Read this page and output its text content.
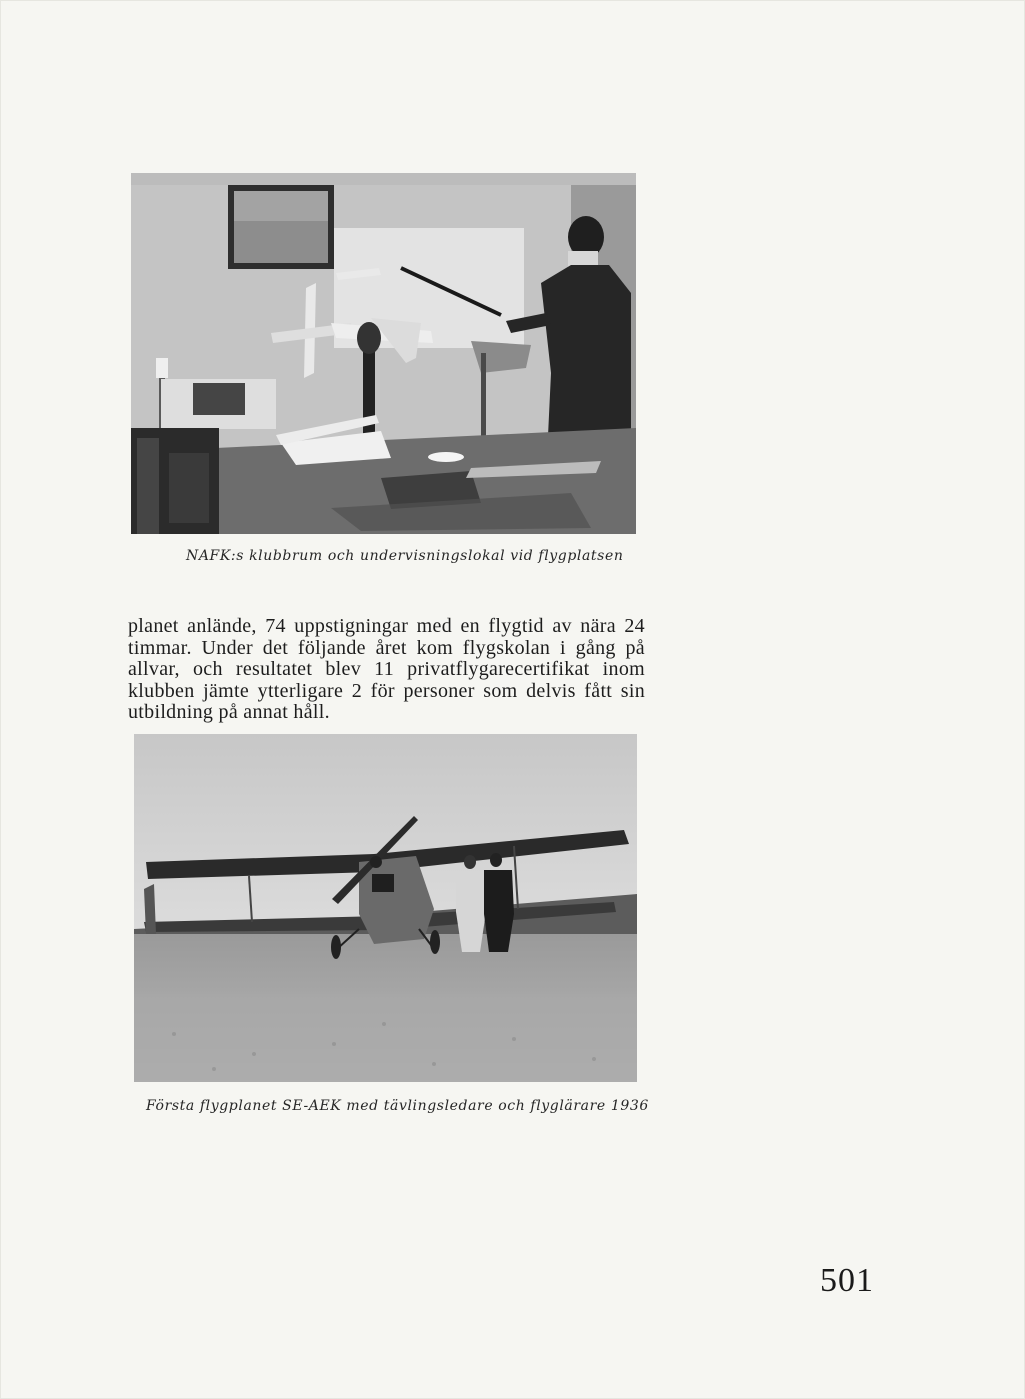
NAFK:s klubbrum och undervisningslokal vid flygplatsen

planet anlände, 74 uppstigningar med en flygtid av nära 24 timmar. Under det följande året kom flygskolan i gång på allvar, och resultatet blev 11 privatflygarecertifikat inom klubben jämte ytterligare 2 för personer som delvis fått sin utbildning på annat håll.

Första flygplanet SE-AEK med tävlingsledare och flyglärare 1936
501
